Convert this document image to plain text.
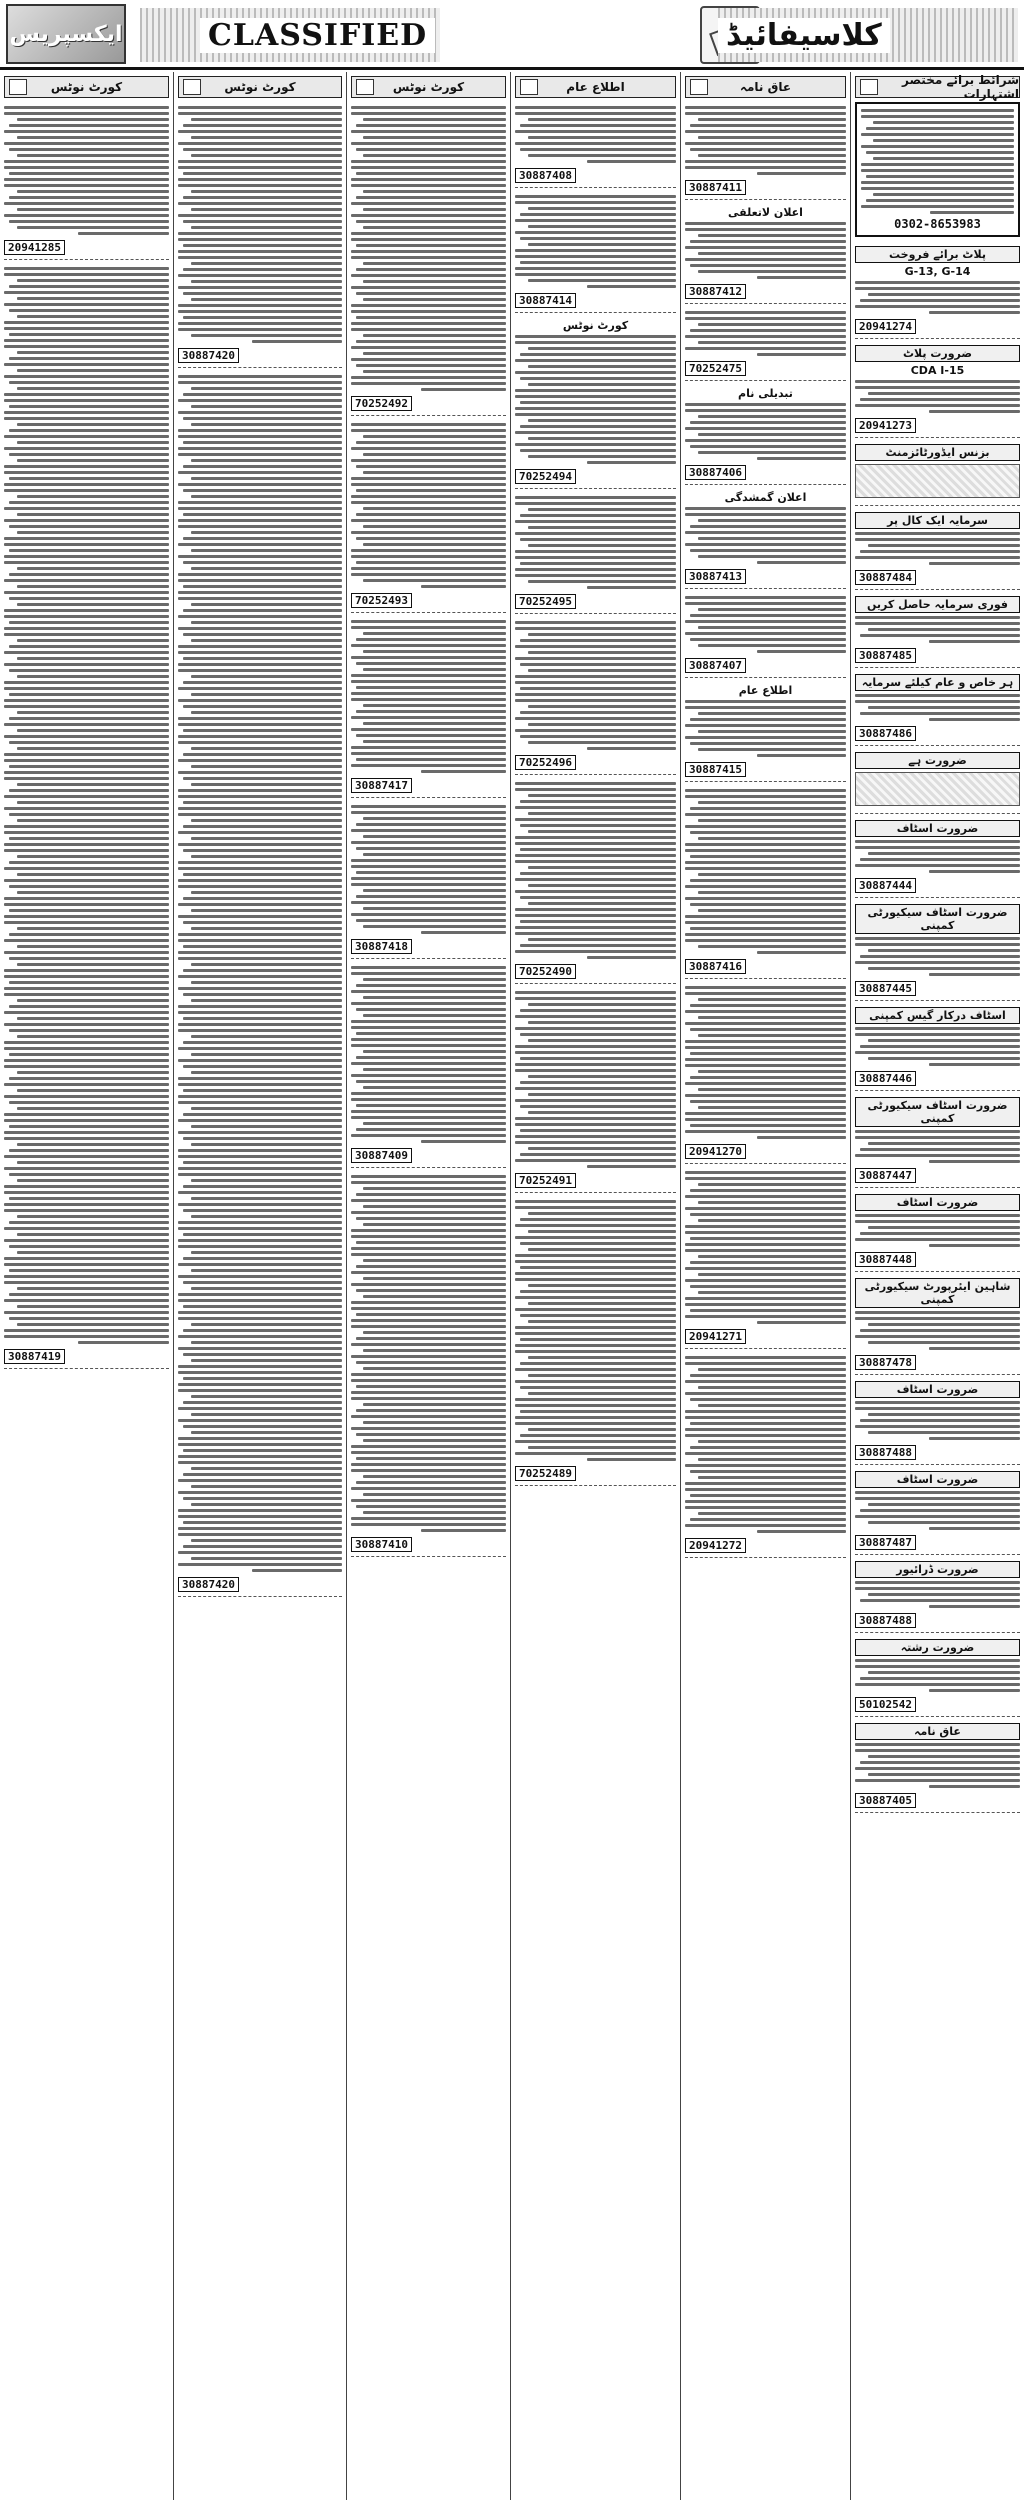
ایکسپریس	CLASSIFIED	کلاسیفائیڈ
کورٹ نوٹس
20941285
30887419
کورٹ نوٹس
30887420
30887420
کورٹ نوٹس
70252492
70252493
30887417
30887418
30887409
30887410
اطلاع عام
30887408
30887414
کورٹ نوٹس
70252494
70252495
70252496
70252490
70252491
70252489
عاق نامہ
30887411
اعلان لاتعلقی
30887412
70252475
تبدیلی نام
30887406
اعلان گمشدگی
30887413
30887407
اطلاع عام
30887415
30887416
20941270
20941271
20941272
شرائط برائے مختصر اشتہارات
0302-8653983
پلاٹ برائے فروخت
G-13, G-14
20941274
ضرورت پلاٹ
CDA I-15
20941273
بزنس ایڈورٹائزمنٹ
سرمایہ ایک کال پر
30887484
فوری سرمایہ حاصل کریں
30887485
ہر خاص و عام کیلئے سرمایہ
30887486
ضرورت ہے
ضرورت اسٹاف
30887444
ضرورت اسٹاف سیکیورٹی کمپنی
30887445
اسٹاف درکار گیس کمپنی
30887446
ضرورت اسٹاف سیکیورٹی کمپنی
30887447
ضرورت اسٹاف
30887448
شاہین ایئرپورٹ سیکیورٹی کمپنی
30887478
ضرورت اسٹاف
30887488
ضرورت اسٹاف
30887487
ضرورت ڈرائیور
30887488
ضرورت رشتہ
50102542
عاق نامہ
30887405
